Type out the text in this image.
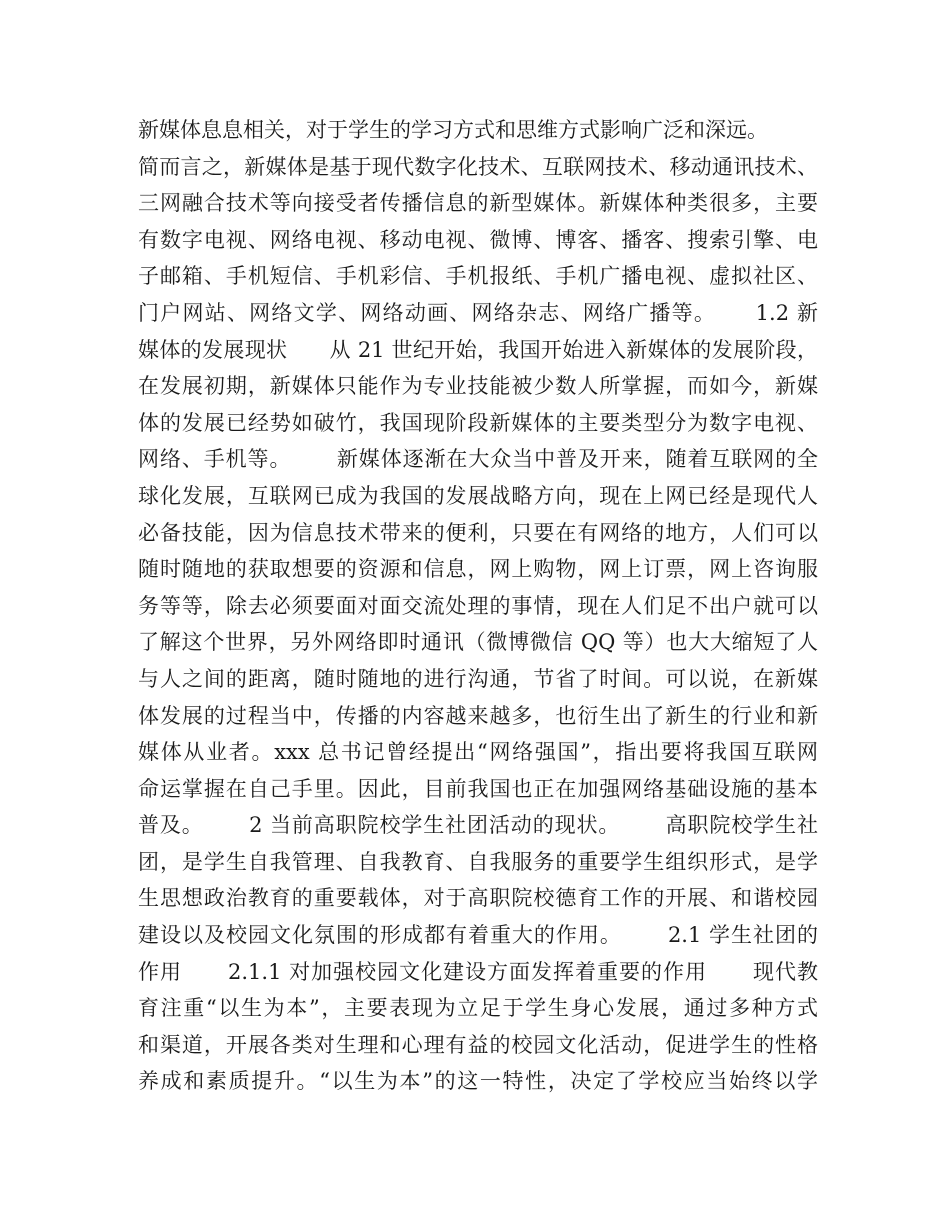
新媒体息息相关，对于学生的学习方式和思维方式影响广泛和深远。
简而言之，新媒体是基于现代数字化技术、互联网技术、移动通讯技术、
三网融合技术等向接受者传播信息的新型媒体。新媒体种类很多，主要
有数字电视、网络电视、移动电视、微博、博客、播客、搜索引擎、电
子邮箱、手机短信、手机彩信、手机报纸、手机广播电视、虚拟社区、
门户网站、网络文学、网络动画、网络杂志、网络广播等。     1.2 新
媒体的发展现状      从 21 世纪开始，我国开始进入新媒体的发展阶段，
在发展初期，新媒体只能作为专业技能被少数人所掌握，而如今，新媒
体的发展已经势如破竹，我国现阶段新媒体的主要类型分为数字电视、
网络、手机等。      新媒体逐渐在大众当中普及开来，随着互联网的全
球化发展，互联网已成为我国的发展战略方向，现在上网已经是现代人
必备技能，因为信息技术带来的便利，只要在有网络的地方，人们可以
随时随地的获取想要的资源和信息，网上购物，网上订票，网上咨询服
务等等，除去必须要面对面交流处理的事情，现在人们足不出户就可以
了解这个世界，另外网络即时通讯（微博微信 QQ 等）也大大缩短了人
与人之间的距离，随时随地的进行沟通，节省了时间。可以说，在新媒
体发展的过程当中，传播的内容越来越多，也衍生出了新生的行业和新
媒体从业者。xxx 总书记曾经提出“网络强国”，指出要将我国互联网
命运掌握在自己手里。因此，目前我国也正在加强网络基础设施的基本
普及。      2 当前高职院校学生社团活动的现状。      高职院校学生社
团，是学生自我管理、自我教育、自我服务的重要学生组织形式，是学
生思想政治教育的重要载体，对于高职院校德育工作的开展、和谐校园
建设以及校园文化氛围的形成都有着重大的作用。      2.1 学生社团的
作用      2.1.1 对加强校园文化建设方面发挥着重要的作用      现代教
育注重“以生为本”，主要表现为立足于学生身心发展，通过多种方式
和渠道，开展各类对生理和心理有益的校园文化活动，促进学生的性格
养成和素质提升。“以生为本”的这一特性，决定了学校应当始终以学
